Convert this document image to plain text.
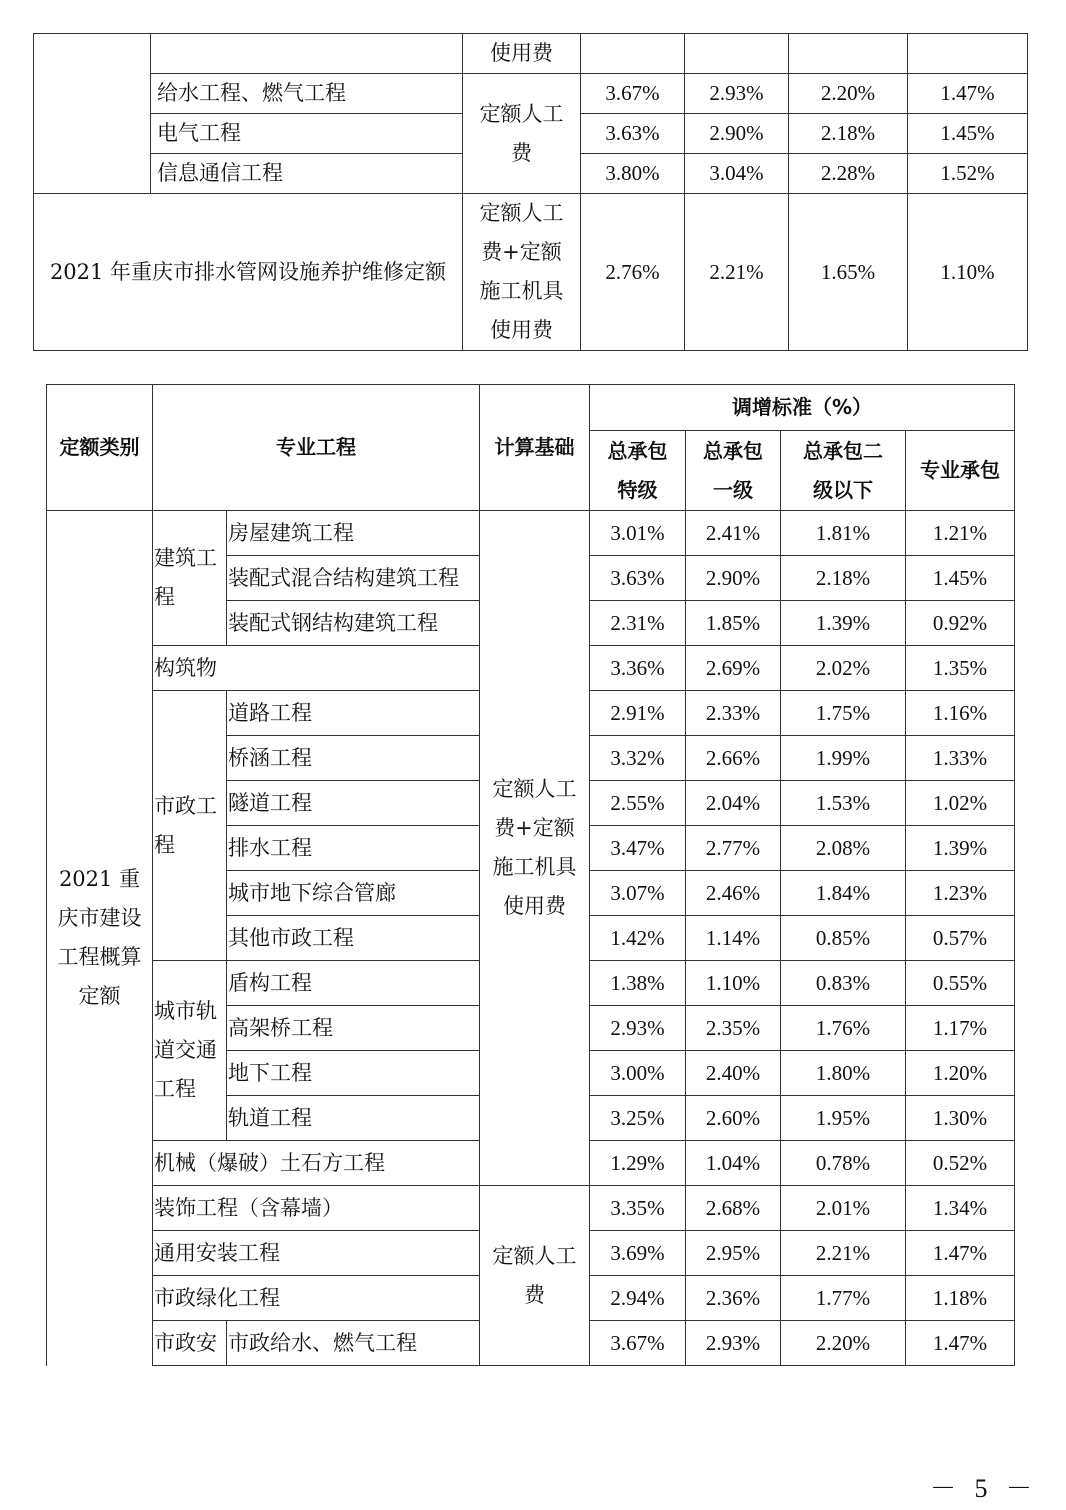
		使用费				
	给水工程、燃气工程	定额人工费	3.67%	2.93%	2.20%	1.47%
	电气工程		3.63%	2.90%	2.18%	1.45%
	信息通信工程		3.80%	3.04%	2.28%	1.52%
2021 年重庆市排水管网设施养护维修定额		定额人工费+定额施工机具使用费	2.76%	2.21%	1.65%	1.10%
定额类别	专业工程		计算基础	调增标准（%）			
				总承包特级	总承包一级	总承包二级以下	专业承包
2021 重庆市建设工程概算定额	建筑工程	房屋建筑工程	定额人工费+定额施工机具使用费	3.01%	2.41%	1.81%	1.21%
		装配式混合结构建筑工程		3.63%	2.90%	2.18%	1.45%
		装配式钢结构建筑工程		2.31%	1.85%	1.39%	0.92%
	构筑物			3.36%	2.69%	2.02%	1.35%
	市政工程	道路工程		2.91%	2.33%	1.75%	1.16%
		桥涵工程		3.32%	2.66%	1.99%	1.33%
		隧道工程		2.55%	2.04%	1.53%	1.02%
		排水工程		3.47%	2.77%	2.08%	1.39%
		城市地下综合管廊		3.07%	2.46%	1.84%	1.23%
		其他市政工程		1.42%	1.14%	0.85%	0.57%
	城市轨道交通工程	盾构工程		1.38%	1.10%	0.83%	0.55%
		高架桥工程		2.93%	2.35%	1.76%	1.17%
		地下工程		3.00%	2.40%	1.80%	1.20%
		轨道工程		3.25%	2.60%	1.95%	1.30%
	机械（爆破）土石方工程			1.29%	1.04%	0.78%	0.52%
	装饰工程（含幕墙）		定额人工费	3.35%	2.68%	2.01%	1.34%
	通用安装工程			3.69%	2.95%	2.21%	1.47%
	市政绿化工程			2.94%	2.36%	1.77%	1.18%
	市政安	市政给水、燃气工程		3.67%	2.93%	2.20%	1.47%
－ 5 －
